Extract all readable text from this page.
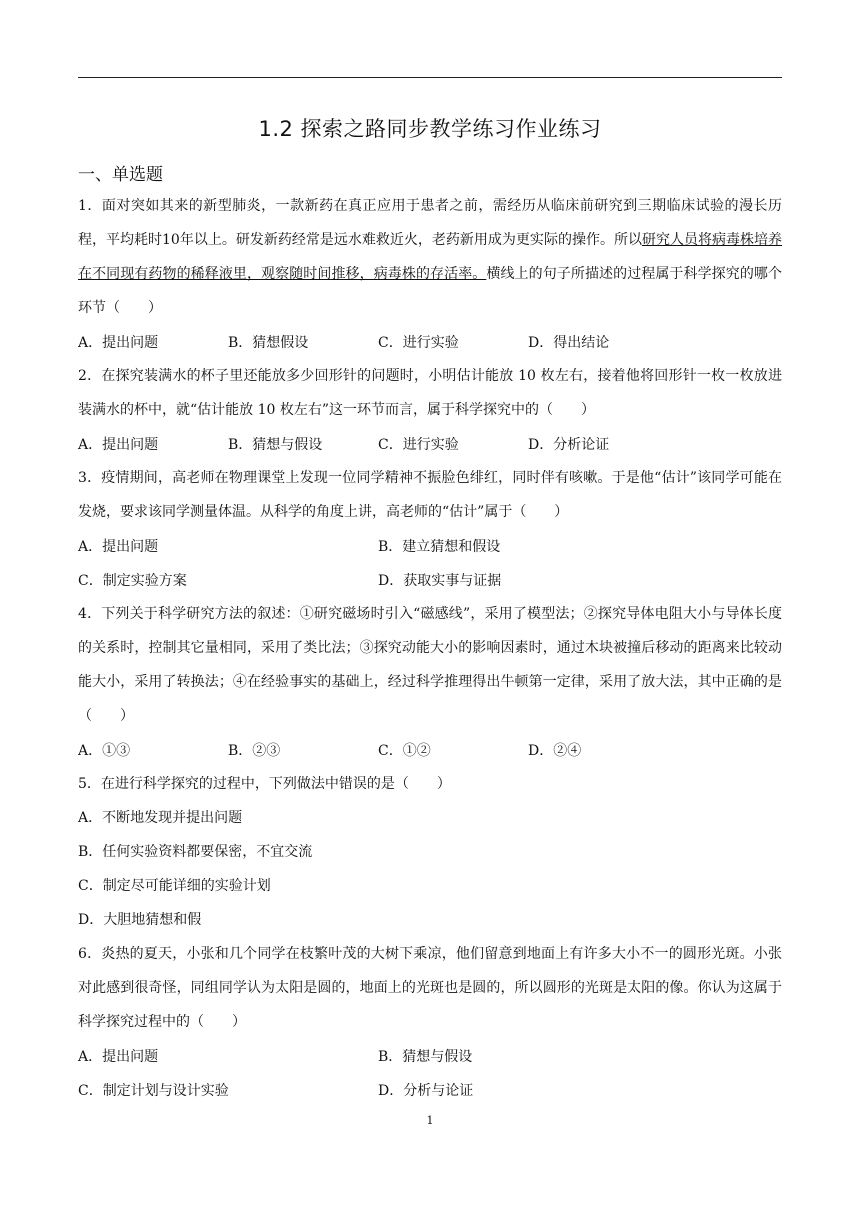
1.2 探索之路同步教学练习作业练习
一、单选题

1．面对突如其来的新型肺炎，一款新药在真正应用于患者之前，需经历从临床前研究到三期临床试验的漫长历程，平均耗时10年以上。研发新药经常是远水难救近火，老药新用成为更实际的操作。所以研究人员将病毒株培养在不同现有药物的稀释液里，观察随时间推移，病毒株的存活率。横线上的句子所描述的过程属于科学探究的哪个环节（　　）

A．提出问题	B．猜想假设	C．进行实验	D．得出结论

2．在探究装满水的杯子里还能放多少回形针的问题时，小明估计能放 10 枚左右，接着他将回形针一枚一枚放进装满水的杯中，就“估计能放 10 枚左右”这一环节而言，属于科学探究中的（　　）

A．提出问题	B．猜想与假设	C．进行实验	D．分析论证

3．疫情期间，高老师在物理课堂上发现一位同学精神不振脸色绯红，同时伴有咳嗽。于是他“估计”该同学可能在发烧，要求该同学测量体温。从科学的角度上讲，高老师的“估计”属于（　　）

A．提出问题	B．建立猜想和假设
C．制定实验方案	D．获取实事与证据

4．下列关于科学研究方法的叙述：①研究磁场时引入“磁感线”，采用了模型法；②探究导体电阻大小与导体长度的关系时，控制其它量相同，采用了类比法；③探究动能大小的影响因素时，通过木块被撞后移动的距离来比较动能大小，采用了转换法；④在经验事实的基础上，经过科学推理得出牛顿第一定律，采用了放大法，其中正确的是（　　）

A．①③	B．②③	C．①②	D．②④

5．在进行科学探究的过程中，下列做法中错误的是（　　）

A．不断地发现并提出问题
B．任何实验资料都要保密，不宜交流
C．制定尽可能详细的实验计划
D．大胆地猜想和假

6．炎热的夏天，小张和几个同学在枝繁叶茂的大树下乘凉，他们留意到地面上有许多大小不一的圆形光斑。小张对此感到很奇怪，同组同学认为太阳是圆的，地面上的光斑也是圆的，所以圆形的光斑是太阳的像。你认为这属于科学探究过程中的（　　）

A．提出问题	B．猜想与假设
C．制定计划与设计实验	D．分析与论证
1
